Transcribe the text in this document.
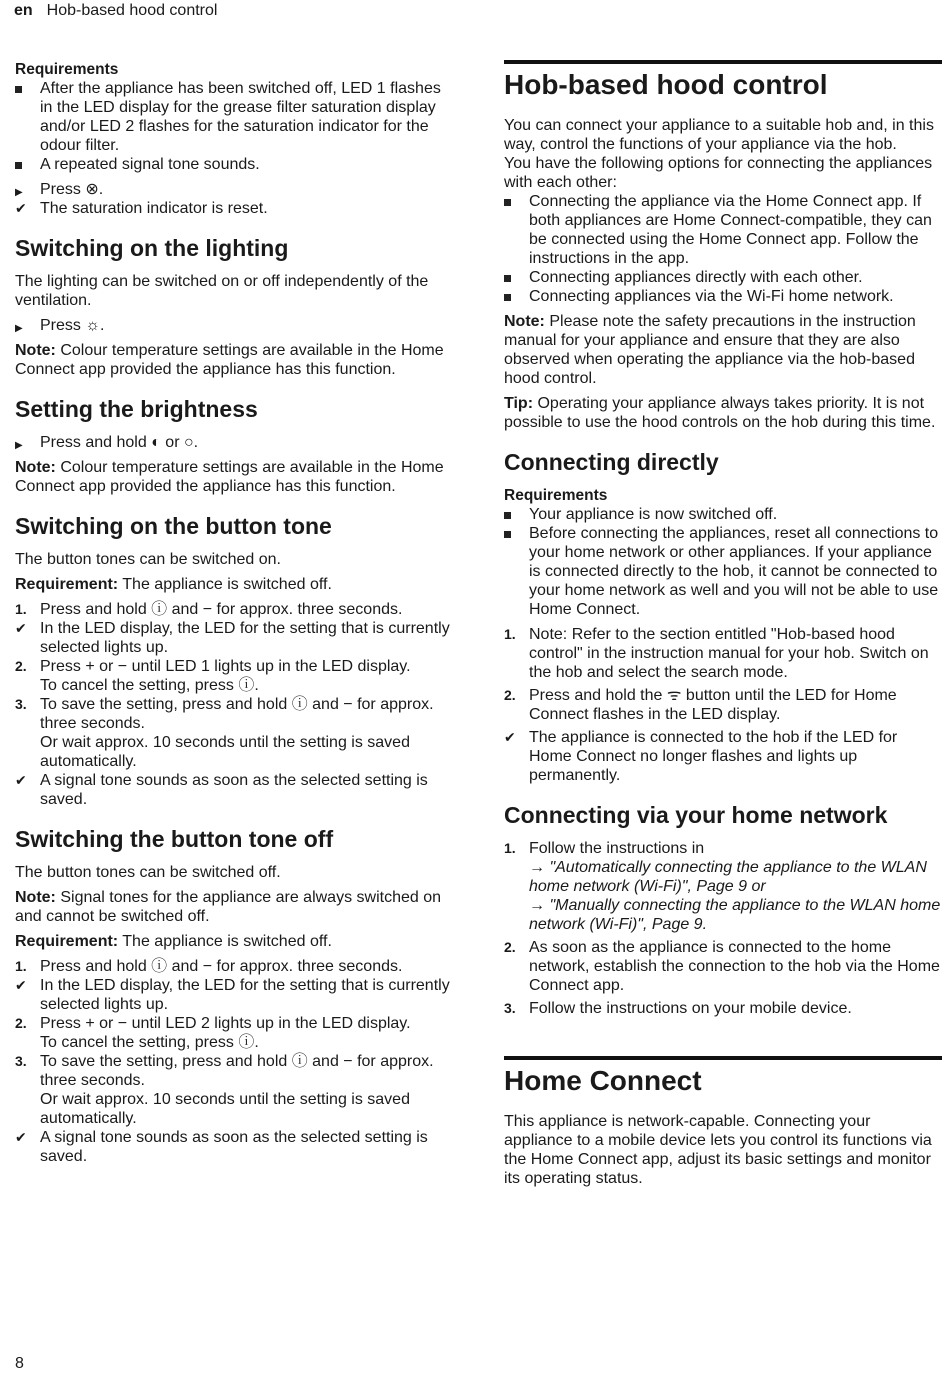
en Hob-based hood control

Requirements

After the appliance has been switched off, LED 1 flashes in the LED display for the grease filter saturation display and/or LED 2 flashes for the saturation indicator for the odour filter.
A repeated signal tone sounds.
▶	Press ⊗.
✔ The saturation indicator is reset.
Switching on the lighting

The lighting can be switched on or off independently of the ventilation.

▶	Press ☼.

Note: Colour temperature settings are available in the Home Connect app provided the appliance has this function.

Setting the brightness
▶	Press and hold ◐ or ○.

Note: Colour temperature settings are available in the Home Connect app provided the appliance has this function.

Switching on the button tone

The button tones can be switched on.

Requirement: The appliance is switched off.

1. Press and hold ⓘ and − for approx. three seconds.
✔ In the LED display, the LED for the setting that is currently selected lights up.
2. Press + or − until LED 1 lights up in the LED display.
To cancel the setting, press ⓘ.
3. To save the setting, press and hold ⓘ and − for approx. three seconds.
Or wait approx. 10 seconds until the setting is saved automatically.
✔ A signal tone sounds as soon as the selected setting is saved.
Switching the button tone off

The button tones can be switched off.

Note: Signal tones for the appliance are always switched on and cannot be switched off.

Requirement: The appliance is switched off.

1. Press and hold ⓘ and − for approx. three seconds.
✔ In the LED display, the LED for the setting that is currently selected lights up.
2. Press + or − until LED 2 lights up in the LED display.
To cancel the setting, press ⓘ.
3. To save the setting, press and hold ⓘ and − for approx. three seconds.
Or wait approx. 10 seconds until the setting is saved automatically.
✔ A signal tone sounds as soon as the selected setting is saved.
Hob-based hood control

You can connect your appliance to a suitable hob and, in this way, control the functions of your appliance via the hob.

You have the following options for connecting the appliances with each other:

Connecting the appliance via the Home Connect app. If both appliances are Home Connect-compatible, they can be connected using the Home Connect app. Follow the instructions in the app.
Connecting appliances directly with each other.
Connecting appliances via the Wi-Fi home network.

Note: Please note the safety precautions in the instruction manual for your appliance and ensure that they are also observed when operating the appliance via the hob-based hood control.

Tip: Operating your appliance always takes priority. It is not possible to use the hood controls on the hob during this time.

Connecting directly

Requirements

Your appliance is now switched off.
Before connecting the appliances, reset all connections to your home network or other appliances. If your appliance is connected directly to the hob, it cannot be connected to your home network as well and you will not be able to use Home Connect.
1. Note: Refer to the section entitled "Hob-based hood control" in the instruction manual for your hob. Switch on the hob and select the search mode.
2. Press and hold the ᯤ button until the LED for Home Connect flashes in the LED display.
✔ The appliance is connected to the hob if the LED for Home Connect no longer flashes and lights up permanently.
Connecting via your home network
1. Follow the instructions in
→ "Automatically connecting the appliance to the WLAN home network (Wi-Fi)", Page 9 or
→ "Manually connecting the appliance to the WLAN home network (Wi-Fi)", Page 9.
2. As soon as the appliance is connected to the home network, establish the connection to the hob via the Home Connect app.
3. Follow the instructions on your mobile device.
Home Connect

This appliance is network-capable. Connecting your appliance to a mobile device lets you control its functions via the Home Connect app, adjust its basic settings and monitor its operating status.

8
